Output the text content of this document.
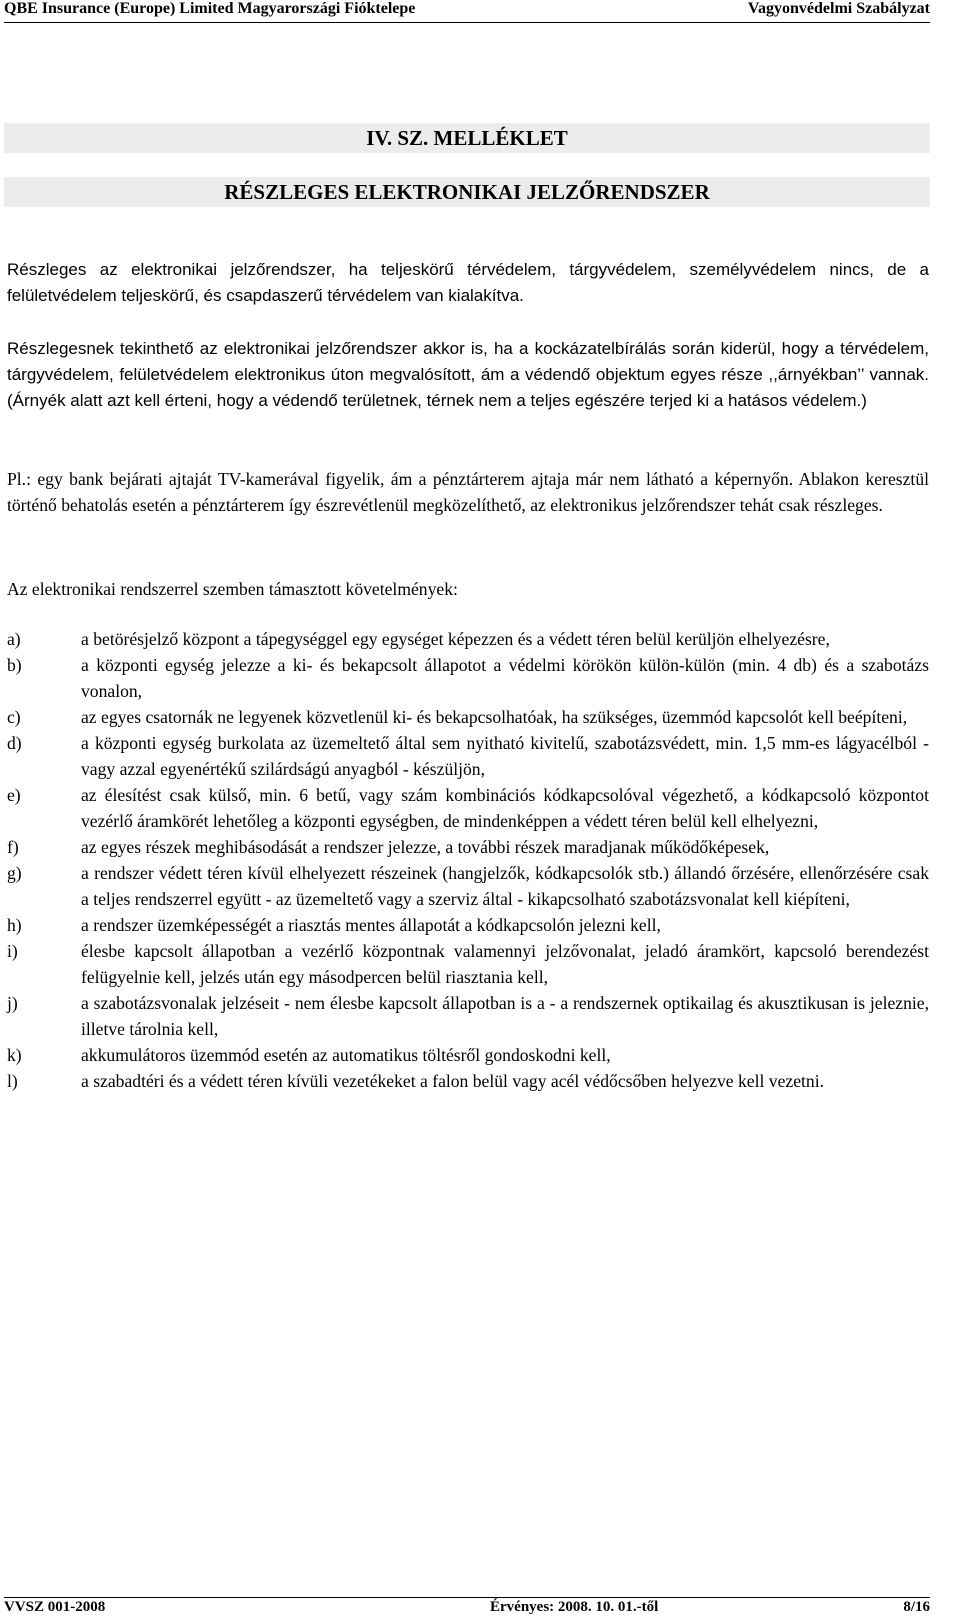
QBE Insurance (Europe) Limited Magyarországi Fióktelepe	Vagyonvédelmi Szabályzat
IV. SZ. MELLÉKLET
RÉSZLEGES ELEKTRONIKAI JELZŐRENDSZER
Részleges az elektronikai jelzőrendszer, ha teljeskörű térvédelem, tárgyvédelem, személyvédelem nincs, de a felületvédelem teljeskörű, és csapdaszerű térvédelem van kialakítva.
Részlegesnek tekinthető az elektronikai jelzőrendszer akkor is, ha a kockázatelbírálás során kiderül, hogy a térvédelem, tárgyvédelem, felületvédelem elektronikus úton megvalósított, ám a védendő objektum egyes része ,,árnyékban’’ vannak. (Árnyék alatt azt kell érteni, hogy a védendő területnek, térnek nem a teljes egészére terjed ki a hatásos védelem.)
Pl.: egy bank bejárati ajtaját TV-kamerával figyelik, ám a pénztárterem ajtaja már nem látható a képernyőn. Ablakon keresztül történő behatolás esetén a pénztárterem így észrevétlenül megközelíthető, az elektronikus jelzőrendszer tehát csak részleges.
Az elektronikai rendszerrel szemben támasztott követelmények:
a)	a betörésjelző központ a tápegységgel egy egységet képezzen és a védett téren belül kerüljön elhelyezésre,
b)	a központi egység jelezze a ki- és bekapcsolt állapotot a védelmi körökön külön-külön (min. 4 db) és a szabotázs vonalon,
c)	az egyes csatornák ne legyenek közvetlenül ki- és bekapcsolhatóak, ha szükséges, üzemmód kapcsolót kell beépíteni,
d)	a központi egység burkolata az üzemeltető által sem nyitható kivitelű, szabotázsvédett, min. 1,5 mm-es lágyacélból - vagy azzal egyenértékű szilárdságú anyagból - készüljön,
e)	az élesítést csak külső, min. 6 betű, vagy szám kombinációs kódkapcsolóval végezhető, a kódkapcsoló központot vezérlő áramkörét lehetőleg a központi egységben, de mindenképpen a védett téren belül kell elhelyezni,
f)	az egyes részek meghibásodását a rendszer jelezze, a további részek maradjanak működőképesek,
g)	a rendszer védett téren kívül elhelyezett részeinek (hangjelzők, kódkapcsolók stb.) állandó őrzésére, ellenőrzésére csak a teljes rendszerrel együtt - az üzemeltető vagy a szerviz által - kikapcsolható szabotázsvonalat kell kiépíteni,
h)	a rendszer üzemképességét a riasztás mentes állapotát a kódkapcsolón jelezni kell,
i)	élesbe kapcsolt állapotban a vezérlő központnak valamennyi jelzővonalat, jeladó áramkört, kapcsoló berendezést felügyelnie kell, jelzés után egy másodpercen belül riasztania kell,
j)	a szabotázsvonalak jelzéseit - nem élesbe kapcsolt állapotban is a - a rendszernek optikailag és akusztikusan is jeleznie, illetve tárolnia kell,
k)	akkumulátoros üzemmód esetén az automatikus töltésről gondoskodni kell,
l)	a szabadtéri és a védett téren kívüli vezetékeket a falon belül vagy acél védőcsőben helyezve kell vezetni.
VVSZ 001-2008	Érvényes: 2008. 10. 01.-től	8/16
